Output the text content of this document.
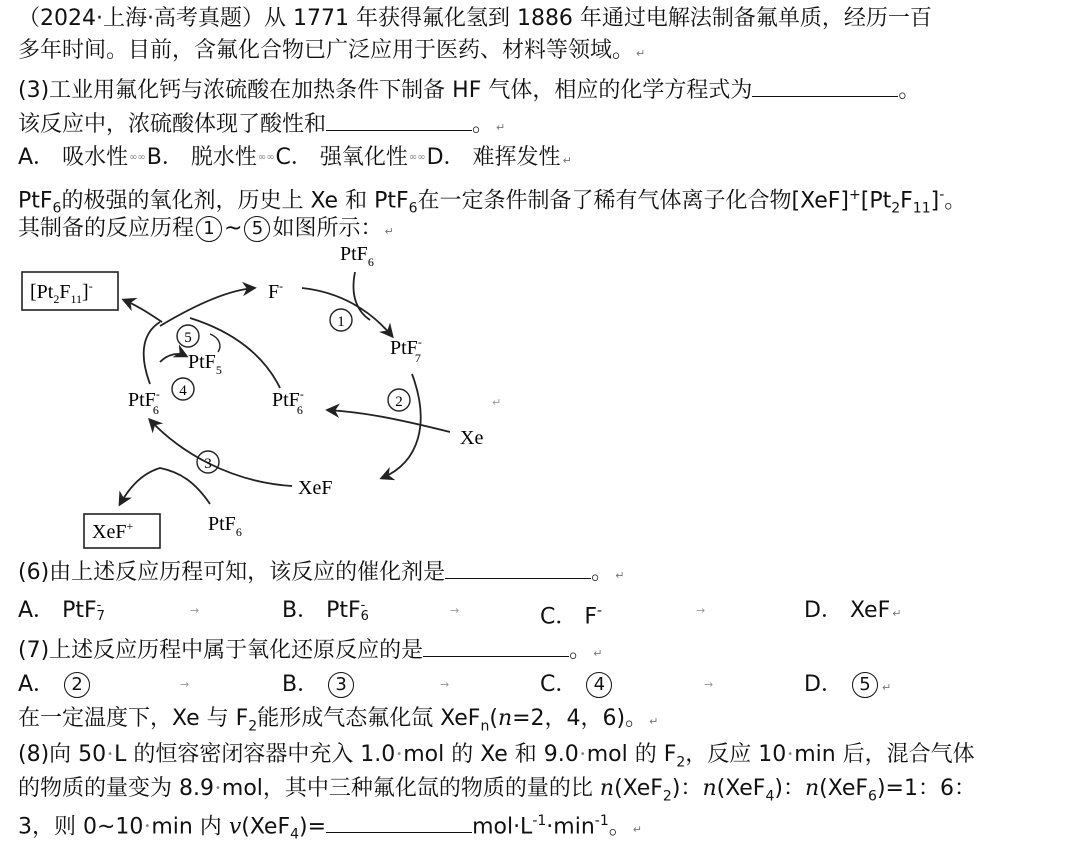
（2024·上海·高考真题）从 1771 年获得氟化氢到 1886 年通过电解法制备氟单质，经历一百
多年时间。目前，含氟化合物已广泛应用于医药、材料等领域。 ↵
(3)工业用氟化钙与浓硫酸在加热条件下制备 HF 气体，相应的化学方程式为	。
该反应中，浓硫酸体现了酸性和	。 ↵
A． 吸水性∞∞B． 脱水性∞∞C． 强氧化性∞∞D． 难挥发性 ↵
PtF$_6$的极强的氧化剂，历史上 Xe 和 PtF$_6$在一定条件制备了稀有气体离子化合物$[XeF]^+[Pt_2F_{11}]^-$。
其制备的反应历程 1 ~ 5 如图所示： ↵
$[Pt_2F_{11}]^-$	F-
PtF$_6$
PtF-7
PtF-6
PtF-6
PtF$_5$
Xe
XeF
PtF$_6$
XeF+
1
2
3
4
5
↵
(6)由上述反应历程可知，该反应的催化剂是	。 ↵
A． PtF -
7	→	B． PtF -
6	→	C． F-	→	D． XeF ↵
(7)上述反应历程中属于氧化还原反应的是	。 ↵
A． 2	→	B． 3	→	C． 4	→	D． 5 ↵
在一定温度下，Xe 与 $F_2$能形成气态氟化氙 XeF$_n$(n=2，4，6)。 ↵
(8)向 50•L 的恒容密闭容器中充入 1.0•mol 的 Xe 和 9.0•mol 的 $F_2$，反应 10•min 后，混合气体
的物质的量变为 8.9•mol，其中三种氟化氙的物质的量的比 n(XeF$_2$)：n(XeF$_4$)：n(XeF$_6$)=1：6：
3，则 0~10•min 内 v(XeF$_4$)=	$mol\cdot L^{-1}\cdot\min^{-1}$。 ↵
